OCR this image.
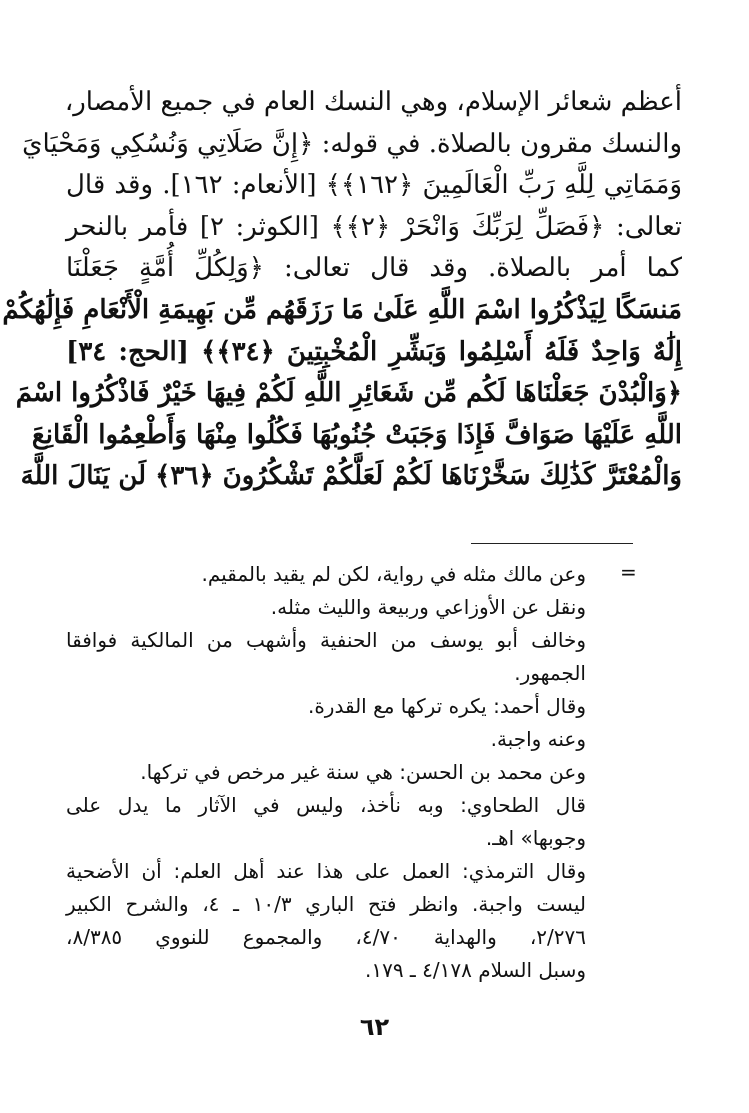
أعظم شعائر الإسلام، وهي النسك العام في جميع الأمصار،
والنسك مقرون بالصلاة. في قوله: ﴿إِنَّ صَلَاتِي وَنُسُكِي وَمَحْيَايَ
وَمَمَاتِي لِلَّهِ رَبِّ الْعَالَمِينَ ﴿١٦٢﴾﴾ [الأنعام: ١٦٢]. وقد قال
تعالى: ﴿فَصَلِّ لِرَبِّكَ وَانْحَرْ ﴿٢﴾﴾ [الكوثر: ٢] فأمر بالنحر
كما أمر بالصلاة. وقد قال تعالى: ﴿وَلِكُلِّ أُمَّةٍ جَعَلْنَا
مَنسَكًا لِيَذْكُرُوا اسْمَ اللَّهِ عَلَىٰ مَا رَزَقَهُم مِّن بَهِيمَةِ الْأَنْعَامِ فَإِلَٰهُكُمْ
إِلَٰهٌ وَاحِدٌ فَلَهُ أَسْلِمُوا وَبَشِّرِ الْمُخْبِتِينَ ﴿٣٤﴾﴾ [الحج: ٣٤]
﴿وَالْبُدْنَ جَعَلْنَاهَا لَكُم مِّن شَعَائِرِ اللَّهِ لَكُمْ فِيهَا خَيْرٌ فَاذْكُرُوا اسْمَ
اللَّهِ عَلَيْهَا صَوَافَّ فَإِذَا وَجَبَتْ جُنُوبُهَا فَكُلُوا مِنْهَا وَأَطْعِمُوا الْقَانِعَ
وَالْمُعْتَرَّ كَذَٰلِكَ سَخَّرْنَاهَا لَكُمْ لَعَلَّكُمْ تَشْكُرُونَ ﴿٣٦﴾ لَن يَنَالَ اللَّهَ
=
وعن مالك مثله في رواية، لكن لم يقيد بالمقيم.
ونقل عن الأوزاعي وربيعة والليث مثله.
وخالف أبو يوسف من الحنفية وأشهب من المالكية فوافقا
الجمهور.
وقال أحمد: يكره تركها مع القدرة.
وعنه واجبة.
وعن محمد بن الحسن: هي سنة غير مرخص في تركها.
قال الطحاوي: وبه نأخذ، وليس في الآثار ما يدل على
وجوبها» اهـ.
وقال الترمذي: العمل على هذا عند أهل العلم: أن الأضحية
ليست واجبة. وانظر فتح الباري ١٠/٣ ـ ٤، والشرح الكبير
٢/٢٧٦، والهداية ٤/٧٠، والمجموع للنووي ٨/٣٨٥،
وسبل السلام ٤/١٧٨ ـ ١٧٩.
٦٢
